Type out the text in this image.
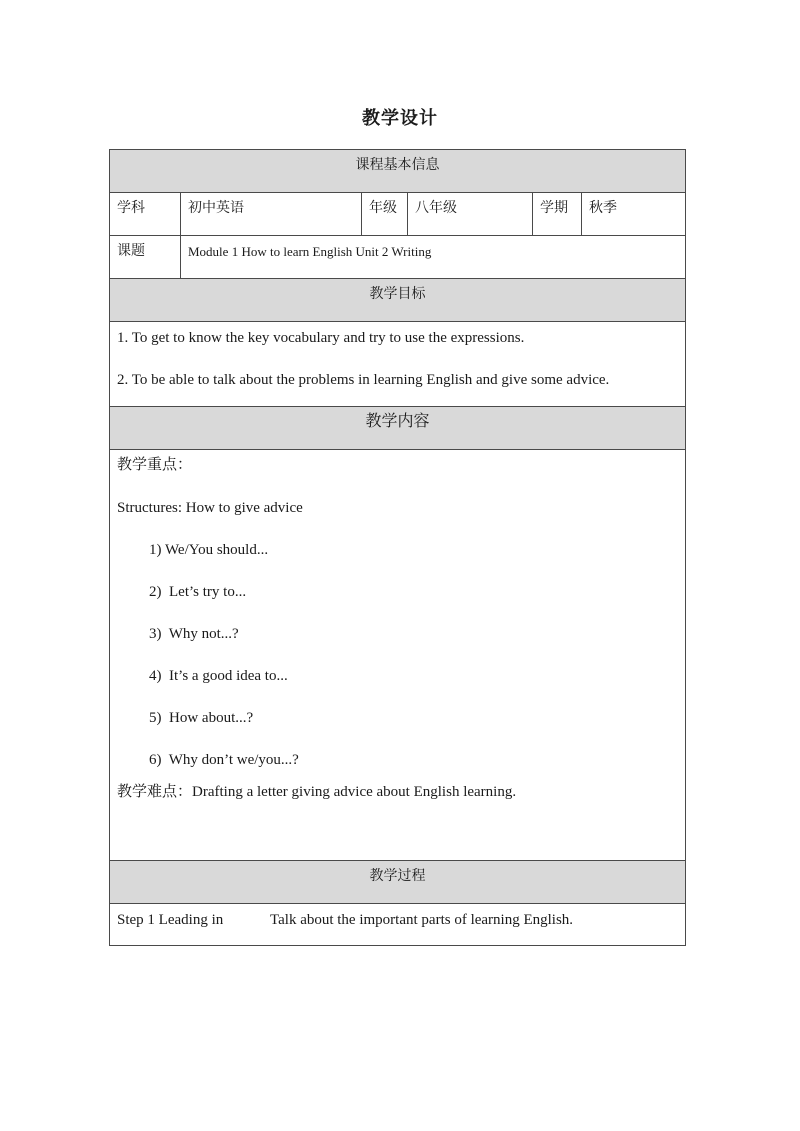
教学设计
课程基本信息
学科	初中英语	年级	八年级	学期	秋季
课题	Module 1 How to learn English Unit 2 Writing
教学目标
1. To get to know the key vocabulary and try to use the expressions.
2. To be able to talk about the problems in learning English and give some advice.
教学内容
教学重点：
Structures: How to give advice
1) We/You should...
2)  Let’s try to...
3)  Why not...?
4)  It’s a good idea to...
5)  How about...?
6)  Why don’t we/you...?
教学难点：Drafting a letter giving advice about English learning.
教学过程
Step 1 Leading in	Talk about the important parts of learning English.
